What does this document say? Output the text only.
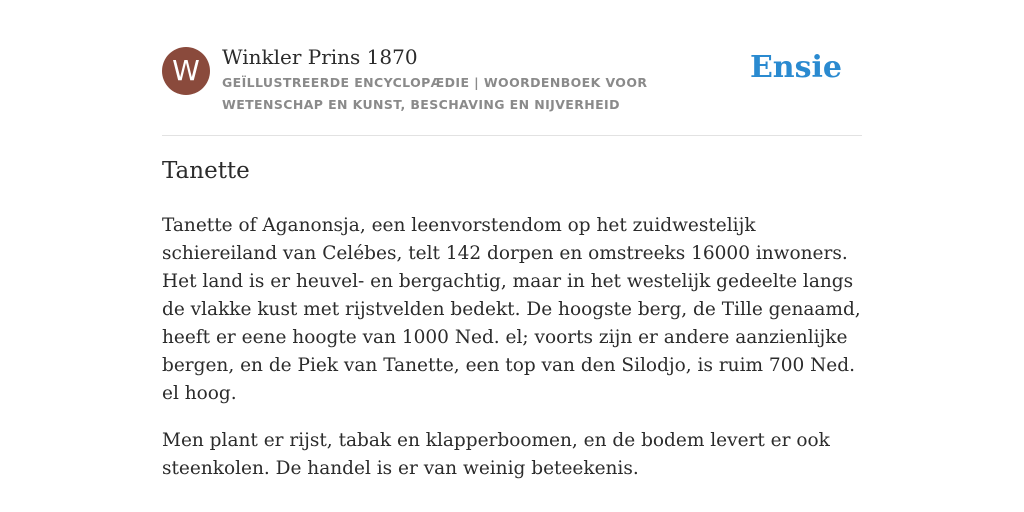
W	Winkler Prins 1870
GEÏLLUSTREERDE ENCYCLOPÆDIE | WOORDENBOEK VOOR WETENSCHAP EN KUNST, BESCHAVING EN NIJVERHEID
Ensie
Tanette

Tanette of Aganonsja, een leenvorstendom op het zuidwestelijk schiereiland van Celébes, telt 142 dorpen en omstreeks 16000 inwoners. Het land is er heuvel- en bergachtig, maar in het westelijk gedeelte langs de vlakke kust met rijstvelden bedekt. De hoogste berg, de Tille genaamd, heeft er eene hoogte van 1000 Ned. el; voorts zijn er andere aanzienlijke bergen, en de Piek van Tanette, een top van den Silodjo, is ruim 700 Ned. el hoog.

Men plant er rijst, tabak en klapperboomen, en de bodem levert er ook steenkolen. De handel is er van weinig beteekenis.
